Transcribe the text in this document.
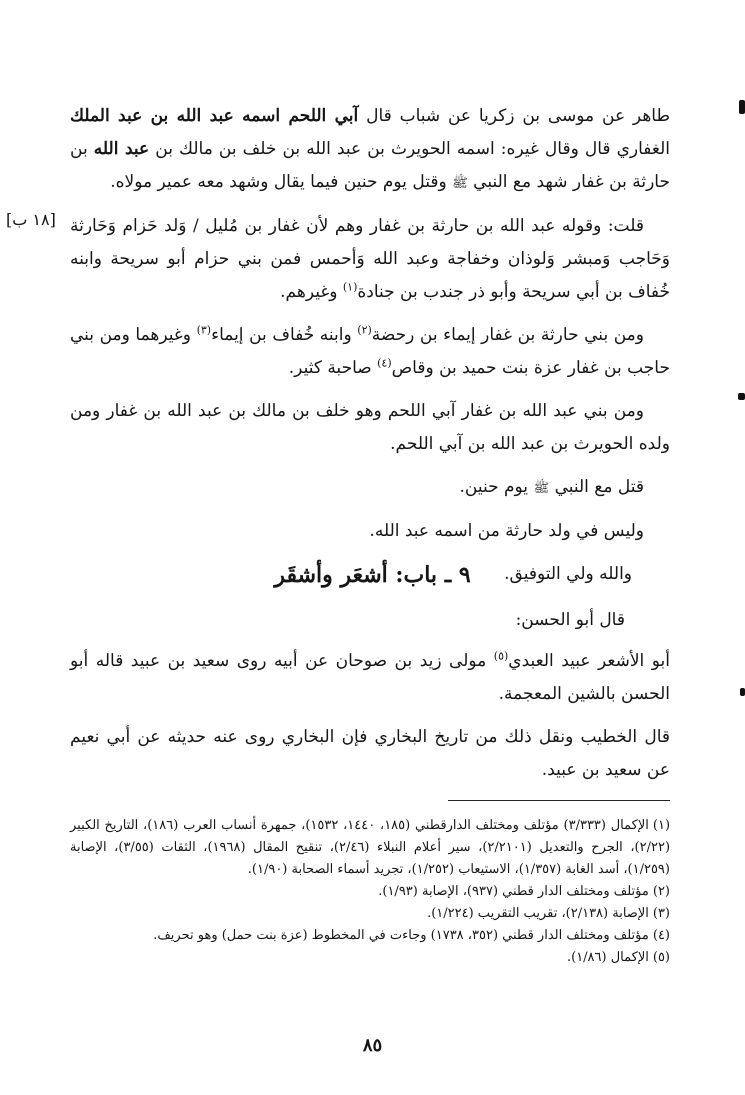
[١٨ ب]

طاهر عن موسى بن زكريا عن شباب قال آبي اللحم اسمه عبد الله بن عبد الملك الغفاري قال وقال غيره: اسمه الحويرث بن عبد الله بن خلف بن مالك بن عبد الله بن حارثة بن غفار شهد مع النبي ﷺ وقتل يوم حنين فيما يقال وشهد معه عمير مولاه.

قلت: وقوله عبد الله بن حارثة بن غفار وهم لأن غفار بن مُليل / وَلد حَزام وَحَارثة وَحَاجب وَمبشر وَلوذان وخفاجة وعبد الله وَأحمس فمن بني حزام أبو سريحة وابنه خُفاف بن أبي سريحة وأبو ذر جندب بن جنادة$^{(١)}$ وغيرهم.

ومن بني حارثة بن غفار إيماء بن رحضة$^{(٢)}$ وابنه خُفاف بن إيماء$^{(٣)}$ وغيرهما ومن بني حاجب بن غفار عزة بنت حميد بن وقاص$^{(٤)}$ صاحبة كثير.

ومن بني عبد الله بن غفار آبي اللحم وهو خلف بن مالك بن عبد الله بن غفار ومن ولده الحويرث بن عبد الله بن آبي اللحم.

قتل مع النبي ﷺ يوم حنين.

وليس في ولد حارثة من اسمه عبد الله.

والله ولي التوفيق.

٩ ـ باب: أشعَر وأشقَر
قال أبو الحسن:

أبو الأشعر عبيد العبدي$^{(٥)}$ مولى زيد بن صوحان عن أبيه روى سعيد بن عبيد قاله أبو الحسن بالشين المعجمة.

قال الخطيب ونقل ذلك من تاريخ البخاري فإن البخاري روى عنه حديثه عن أبي نعيم عن سعيد بن عبيد.

(١)الإكمال (٣/٣٣٣) مؤتلف ومختلف الدارقطني (١٨٥، ١٤٤٠، ١٥٣٢)، جمهرة أنساب العرب (١٨٦)، التاريخ الكبير (٢/٢٢)، الجرح والتعديل (٢/٢١٠١)، سير أعلام النبلاء (٢/٤٦)، تنقيح المقال (١٩٦٨)، الثقات (٣/٥٥)، الإصابة (١/٢٥٩)، أسد الغابة (١/٣٥٧)، الاستيعاب (١/٢٥٢)، تجريد أسماء الصحابة (١/٩٠).

(٢)مؤتلف ومختلف الدار قطني (٩٣٧)، الإصابة (١/٩٣).

(٣)الإصابة (٢/١٣٨)، تقريب التقريب (١/٢٢٤).

(٤)مؤتلف ومختلف الدار قطني (٣٥٢، ١٧٣٨) وجاءت في المخطوط (عزة بنت حمل) وهو تحريف.

(٥)الإكمال (١/٨٦).

٨٥
